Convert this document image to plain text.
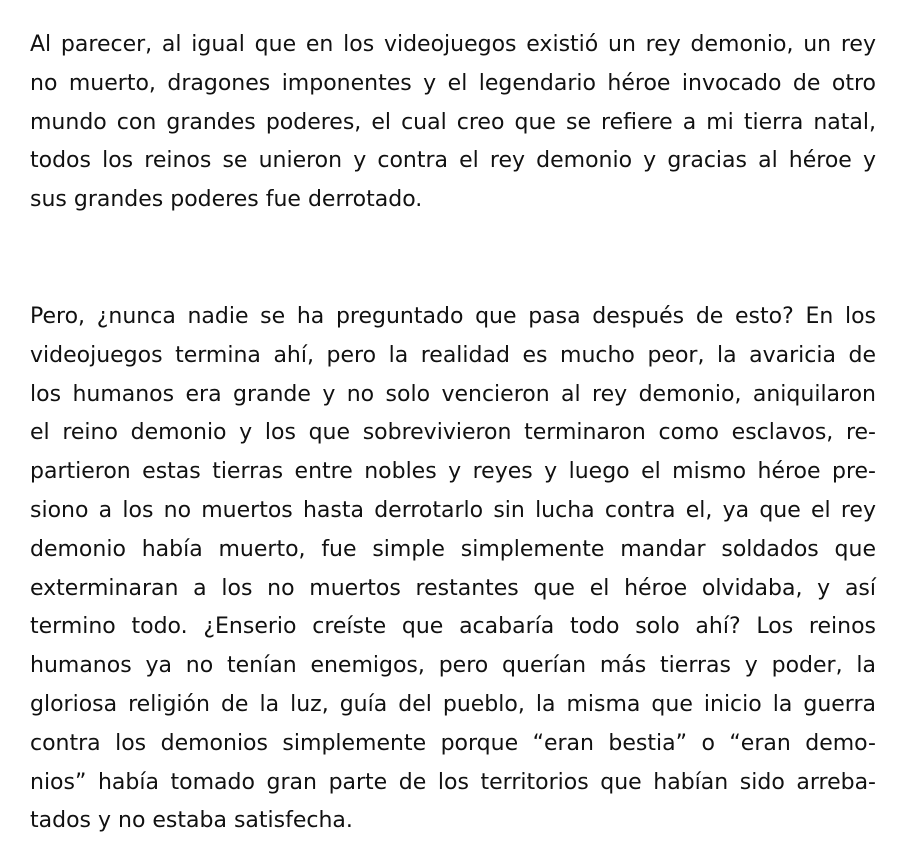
Al parecer, al igual que en los videojuegos existió un rey demonio, un rey
no muerto, dragones imponentes y el legendario héroe invocado de otro
mundo con grandes poderes, el cual creo que se refiere a mi tierra natal,
todos los reinos se unieron y contra el rey demonio y gracias al héroe y
sus grandes poderes fue derrotado.
Pero, ¿nunca nadie se ha preguntado que pasa después de esto? En los
videojuegos termina ahí, pero la realidad es mucho peor, la avaricia de
los humanos era grande y no solo vencieron al rey demonio, aniquilaron
el reino demonio y los que sobrevivieron terminaron como esclavos, re-
partieron estas tierras entre nobles y reyes y luego el mismo héroe pre-
siono a los no muertos hasta derrotarlo sin lucha contra el, ya que el rey
demonio había muerto, fue simple simplemente mandar soldados que
exterminaran a los no muertos restantes que el héroe olvidaba, y así
termino todo. ¿Enserio creíste que acabaría todo solo ahí? Los reinos
humanos ya no tenían enemigos, pero querían más tierras y poder, la
gloriosa religión de la luz, guía del pueblo, la misma que inicio la guerra
contra los demonios simplemente porque “eran bestia” o “eran demo-
nios” había tomado gran parte de los territorios que habían sido arreba-
tados y no estaba satisfecha.
